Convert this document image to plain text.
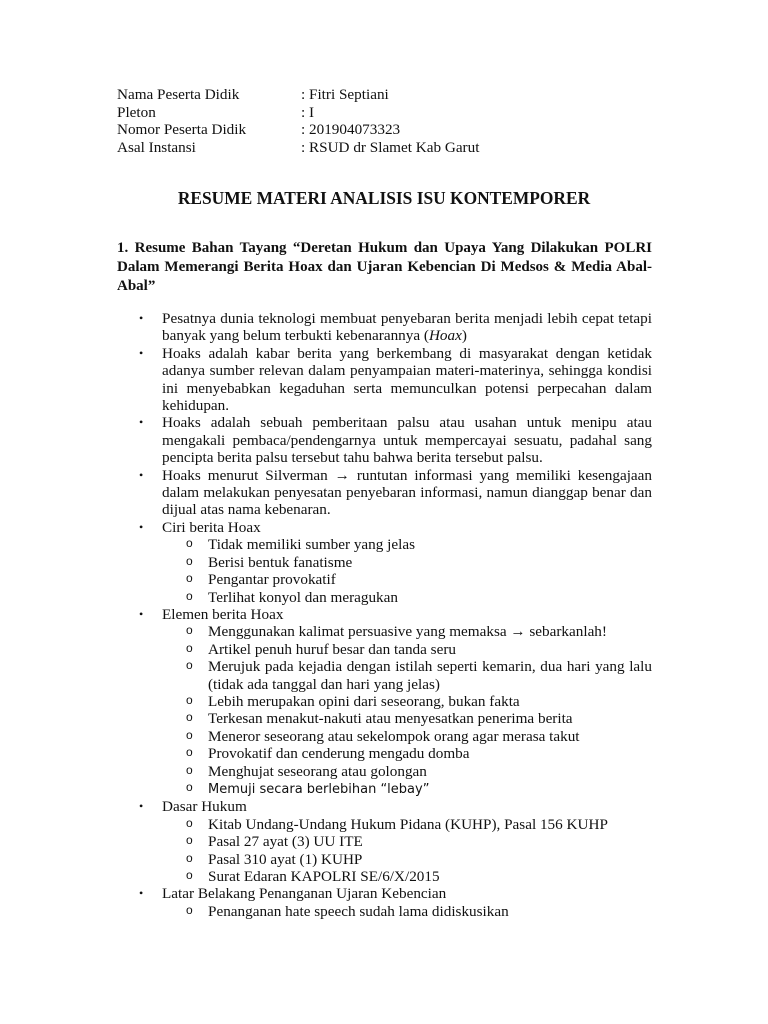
Nama Peserta Didik	: Fitri Septiani
Pleton	: I
Nomor Peserta Didik	: 201904073323
Asal Instansi	: RSUD dr Slamet Kab Garut
RESUME MATERI ANALISIS ISU KONTEMPORER
1. Resume Bahan Tayang “Deretan Hukum dan Upaya Yang Dilakukan POLRI Dalam Memerangi Berita Hoax dan Ujaran Kebencian Di Medsos & Media Abal-Abal”
• Pesatnya dunia teknologi membuat penyebaran berita menjadi lebih cepat tetapi banyak yang belum terbukti kebenarannya (Hoax)
• Hoaks adalah kabar berita yang berkembang di masyarakat dengan ketidak adanya sumber relevan dalam penyampaian materi-materinya, sehingga kondisi ini menyebabkan kegaduhan serta memunculkan potensi perpecahan dalam kehidupan.
• Hoaks adalah sebuah pemberitaan palsu atau usahan untuk menipu atau mengakali pembaca/pendengarnya untuk mempercayai sesuatu, padahal sang pencipta berita palsu tersebut tahu bahwa berita tersebut palsu.
• Hoaks menurut Silverman → runtutan informasi yang memiliki kesengajaan dalam melakukan penyesatan penyebaran informasi, namun dianggap benar dan dijual atas nama kebenaran.
• Ciri berita Hoax
o Tidak memiliki sumber yang jelas
o Berisi bentuk fanatisme
o Pengantar provokatif
o Terlihat konyol dan meragukan
• Elemen berita Hoax
o Menggunakan kalimat persuasive yang memaksa → sebarkanlah!
o Artikel penuh huruf besar dan tanda seru
o Merujuk pada kejadia dengan istilah seperti kemarin, dua hari yang lalu (tidak ada tanggal dan hari yang jelas)
o Lebih merupakan opini dari seseorang, bukan fakta
o Terkesan menakut-nakuti atau menyesatkan penerima berita
o Meneror seseorang atau sekelompok orang agar merasa takut
o Provokatif dan cenderung mengadu domba
o Menghujat seseorang atau golongan
o Memuji secara berlebihan “lebay”
• Dasar Hukum
o Kitab Undang-Undang Hukum Pidana (KUHP), Pasal 156 KUHP
o Pasal 27 ayat (3) UU ITE
o Pasal 310 ayat (1) KUHP
o Surat Edaran KAPOLRI SE/6/X/2015
• Latar Belakang Penanganan Ujaran Kebencian
o Penanganan hate speech sudah lama didiskusikan
